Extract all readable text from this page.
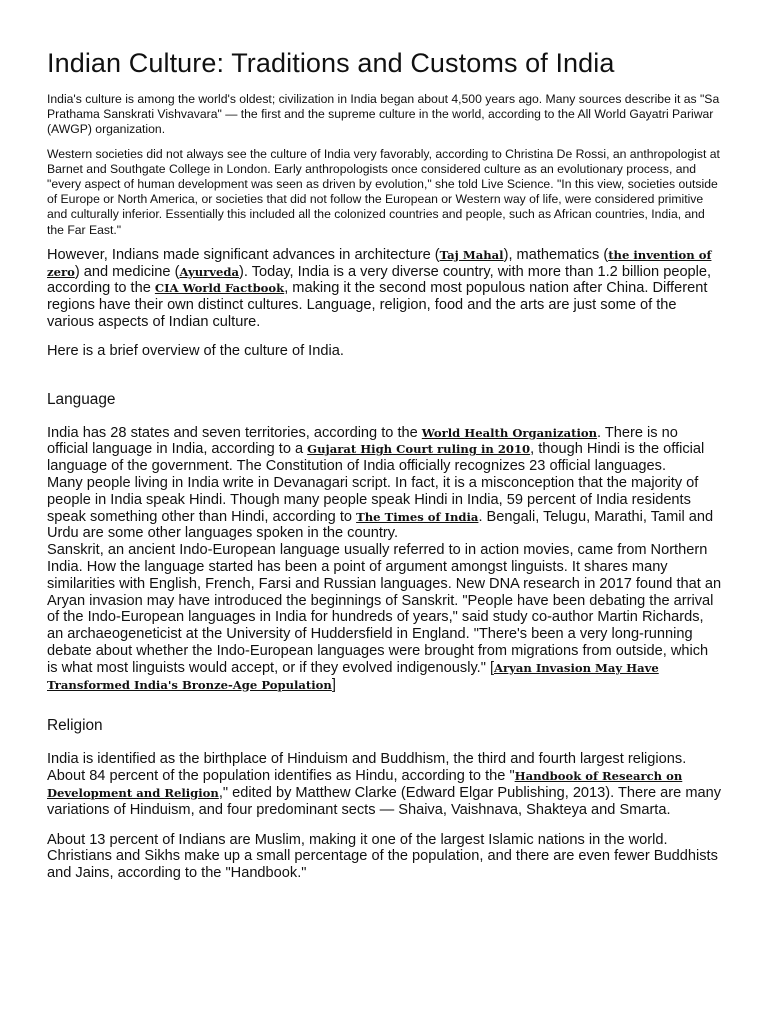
Indian Culture: Traditions and Customs of India

India's culture is among the world's oldest; civilization in India began about 4,500 years ago. Many sources describe it as "Sa Prathama Sanskrati Vishvavara" — the first and the supreme culture in the world, according to the All World Gayatri Pariwar (AWGP) organization.

Western societies did not always see the culture of India very favorably, according to Christina De Rossi, an anthropologist at Barnet and Southgate College in London. Early anthropologists once considered culture as an evolutionary process, and "every aspect of human development was seen as driven by evolution," she told Live Science. "In this view, societies outside of Europe or North America, or societies that did not follow the European or Western way of life, were considered primitive and culturally inferior. Essentially this included all the colonized countries and people, such as African countries, India, and the Far East."

However, Indians made significant advances in architecture (Taj Mahal), mathematics (the invention of zero) and medicine (Ayurveda). Today, India is a very diverse country, with more than 1.2 billion people, according to the CIA World Factbook, making it the second most populous nation after China. Different regions have their own distinct cultures. Language, religion, food and the arts are just some of the various aspects of Indian culture.

Here is a brief overview of the culture of India.

Language

India has 28 states and seven territories, according to the World Health Organization. There is no official language in India, according to a Gujarat High Court ruling in 2010, though Hindi is the official language of the government. The Constitution of India officially recognizes 23 official languages.

Many people living in India write in Devanagari script. In fact, it is a misconception that the majority of people in India speak Hindi. Though many people speak Hindi in India, 59 percent of India residents speak something other than Hindi, according to The Times of India. Bengali, Telugu, Marathi, Tamil and Urdu are some other languages spoken in the country.

Sanskrit, an ancient Indo-European language usually referred to in action movies, came from Northern India. How the language started has been a point of argument amongst linguists. It shares many similarities with English, French, Farsi and Russian languages. New DNA research in 2017 found that an Aryan invasion may have introduced the beginnings of Sanskrit. "People have been debating the arrival of the Indo-European languages in India for hundreds of years," said study co-author Martin Richards, an archaeogeneticist at the University of Huddersfield in England. "There's been a very long-running debate about whether the Indo-European languages were brought from migrations from outside, which is what most linguists would accept, or if they evolved indigenously." [Aryan Invasion May Have Transformed India's Bronze-Age Population]

Religion

India is identified as the birthplace of Hinduism and Buddhism, the third and fourth largest religions. About 84 percent of the population identifies as Hindu, according to the "Handbook of Research on Development and Religion," edited by Matthew Clarke (Edward Elgar Publishing, 2013). There are many variations of Hinduism, and four predominant sects — Shaiva, Vaishnava, Shakteya and Smarta.

About 13 percent of Indians are Muslim, making it one of the largest Islamic nations in the world. Christians and Sikhs make up a small percentage of the population, and there are even fewer Buddhists and Jains, according to the "Handbook."
